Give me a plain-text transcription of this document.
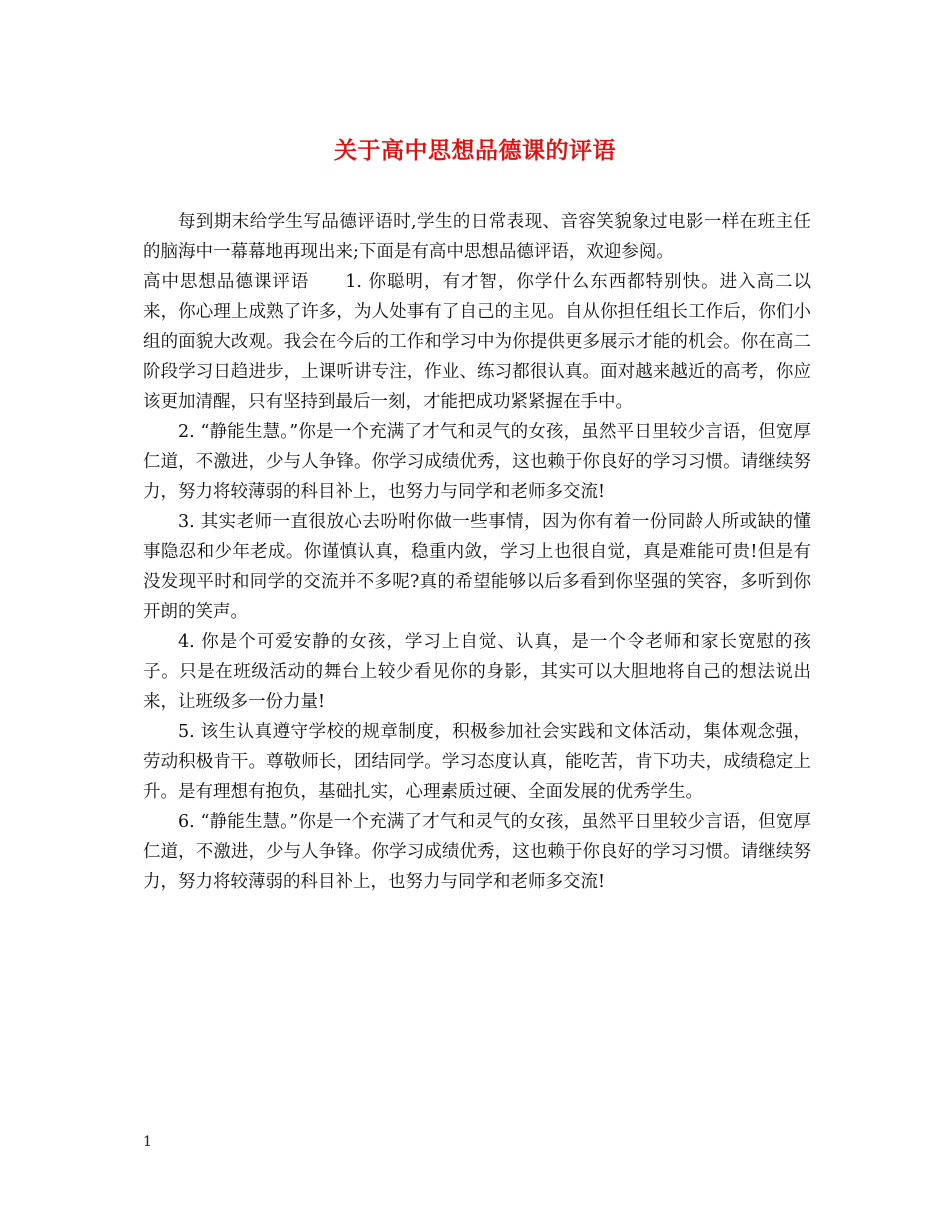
关于高中思想品德课的评语

每到期末给学生写品德评语时,学生的日常表现、音容笑貌象过电影一样在班主任的脑海中一幕幕地再现出来;下面是有高中思想品德评语，欢迎参阅。

高中思想品德课评语 1. 你聪明，有才智，你学什么东西都特别快。进入高二以来，你心理上成熟了许多，为人处事有了自己的主见。自从你担任组长工作后，你们小组的面貌大改观。我会在今后的工作和学习中为你提供更多展示才能的机会。你在高二阶段学习日趋进步，上课听讲专注，作业、练习都很认真。面对越来越近的高考，你应该更加清醒，只有坚持到最后一刻，才能把成功紧紧握在手中。

2. “静能生慧。”你是一个充满了才气和灵气的女孩，虽然平日里较少言语，但宽厚仁道，不激进，少与人争锋。你学习成绩优秀，这也赖于你良好的学习习惯。请继续努力，努力将较薄弱的科目补上，也努力与同学和老师多交流!

3. 其实老师一直很放心去吩咐你做一些事情，因为你有着一份同龄人所或缺的懂事隐忍和少年老成。你谨慎认真，稳重内敛，学习上也很自觉，真是难能可贵!但是有没发现平时和同学的交流并不多呢?真的希望能够以后多看到你坚强的笑容，多听到你开朗的笑声。

4. 你是个可爱安静的女孩，学习上自觉、认真，是一个令老师和家长宽慰的孩子。只是在班级活动的舞台上较少看见你的身影，其实可以大胆地将自己的想法说出来，让班级多一份力量!

5. 该生认真遵守学校的规章制度，积极参加社会实践和文体活动，集体观念强，劳动积极肯干。尊敬师长，团结同学。学习态度认真，能吃苦，肯下功夫，成绩稳定上升。是有理想有抱负，基础扎实，心理素质过硬、全面发展的优秀学生。

6. “静能生慧。”你是一个充满了才气和灵气的女孩，虽然平日里较少言语，但宽厚仁道，不激进，少与人争锋。你学习成绩优秀，这也赖于你良好的学习习惯。请继续努力，努力将较薄弱的科目补上，也努力与同学和老师多交流!

1
